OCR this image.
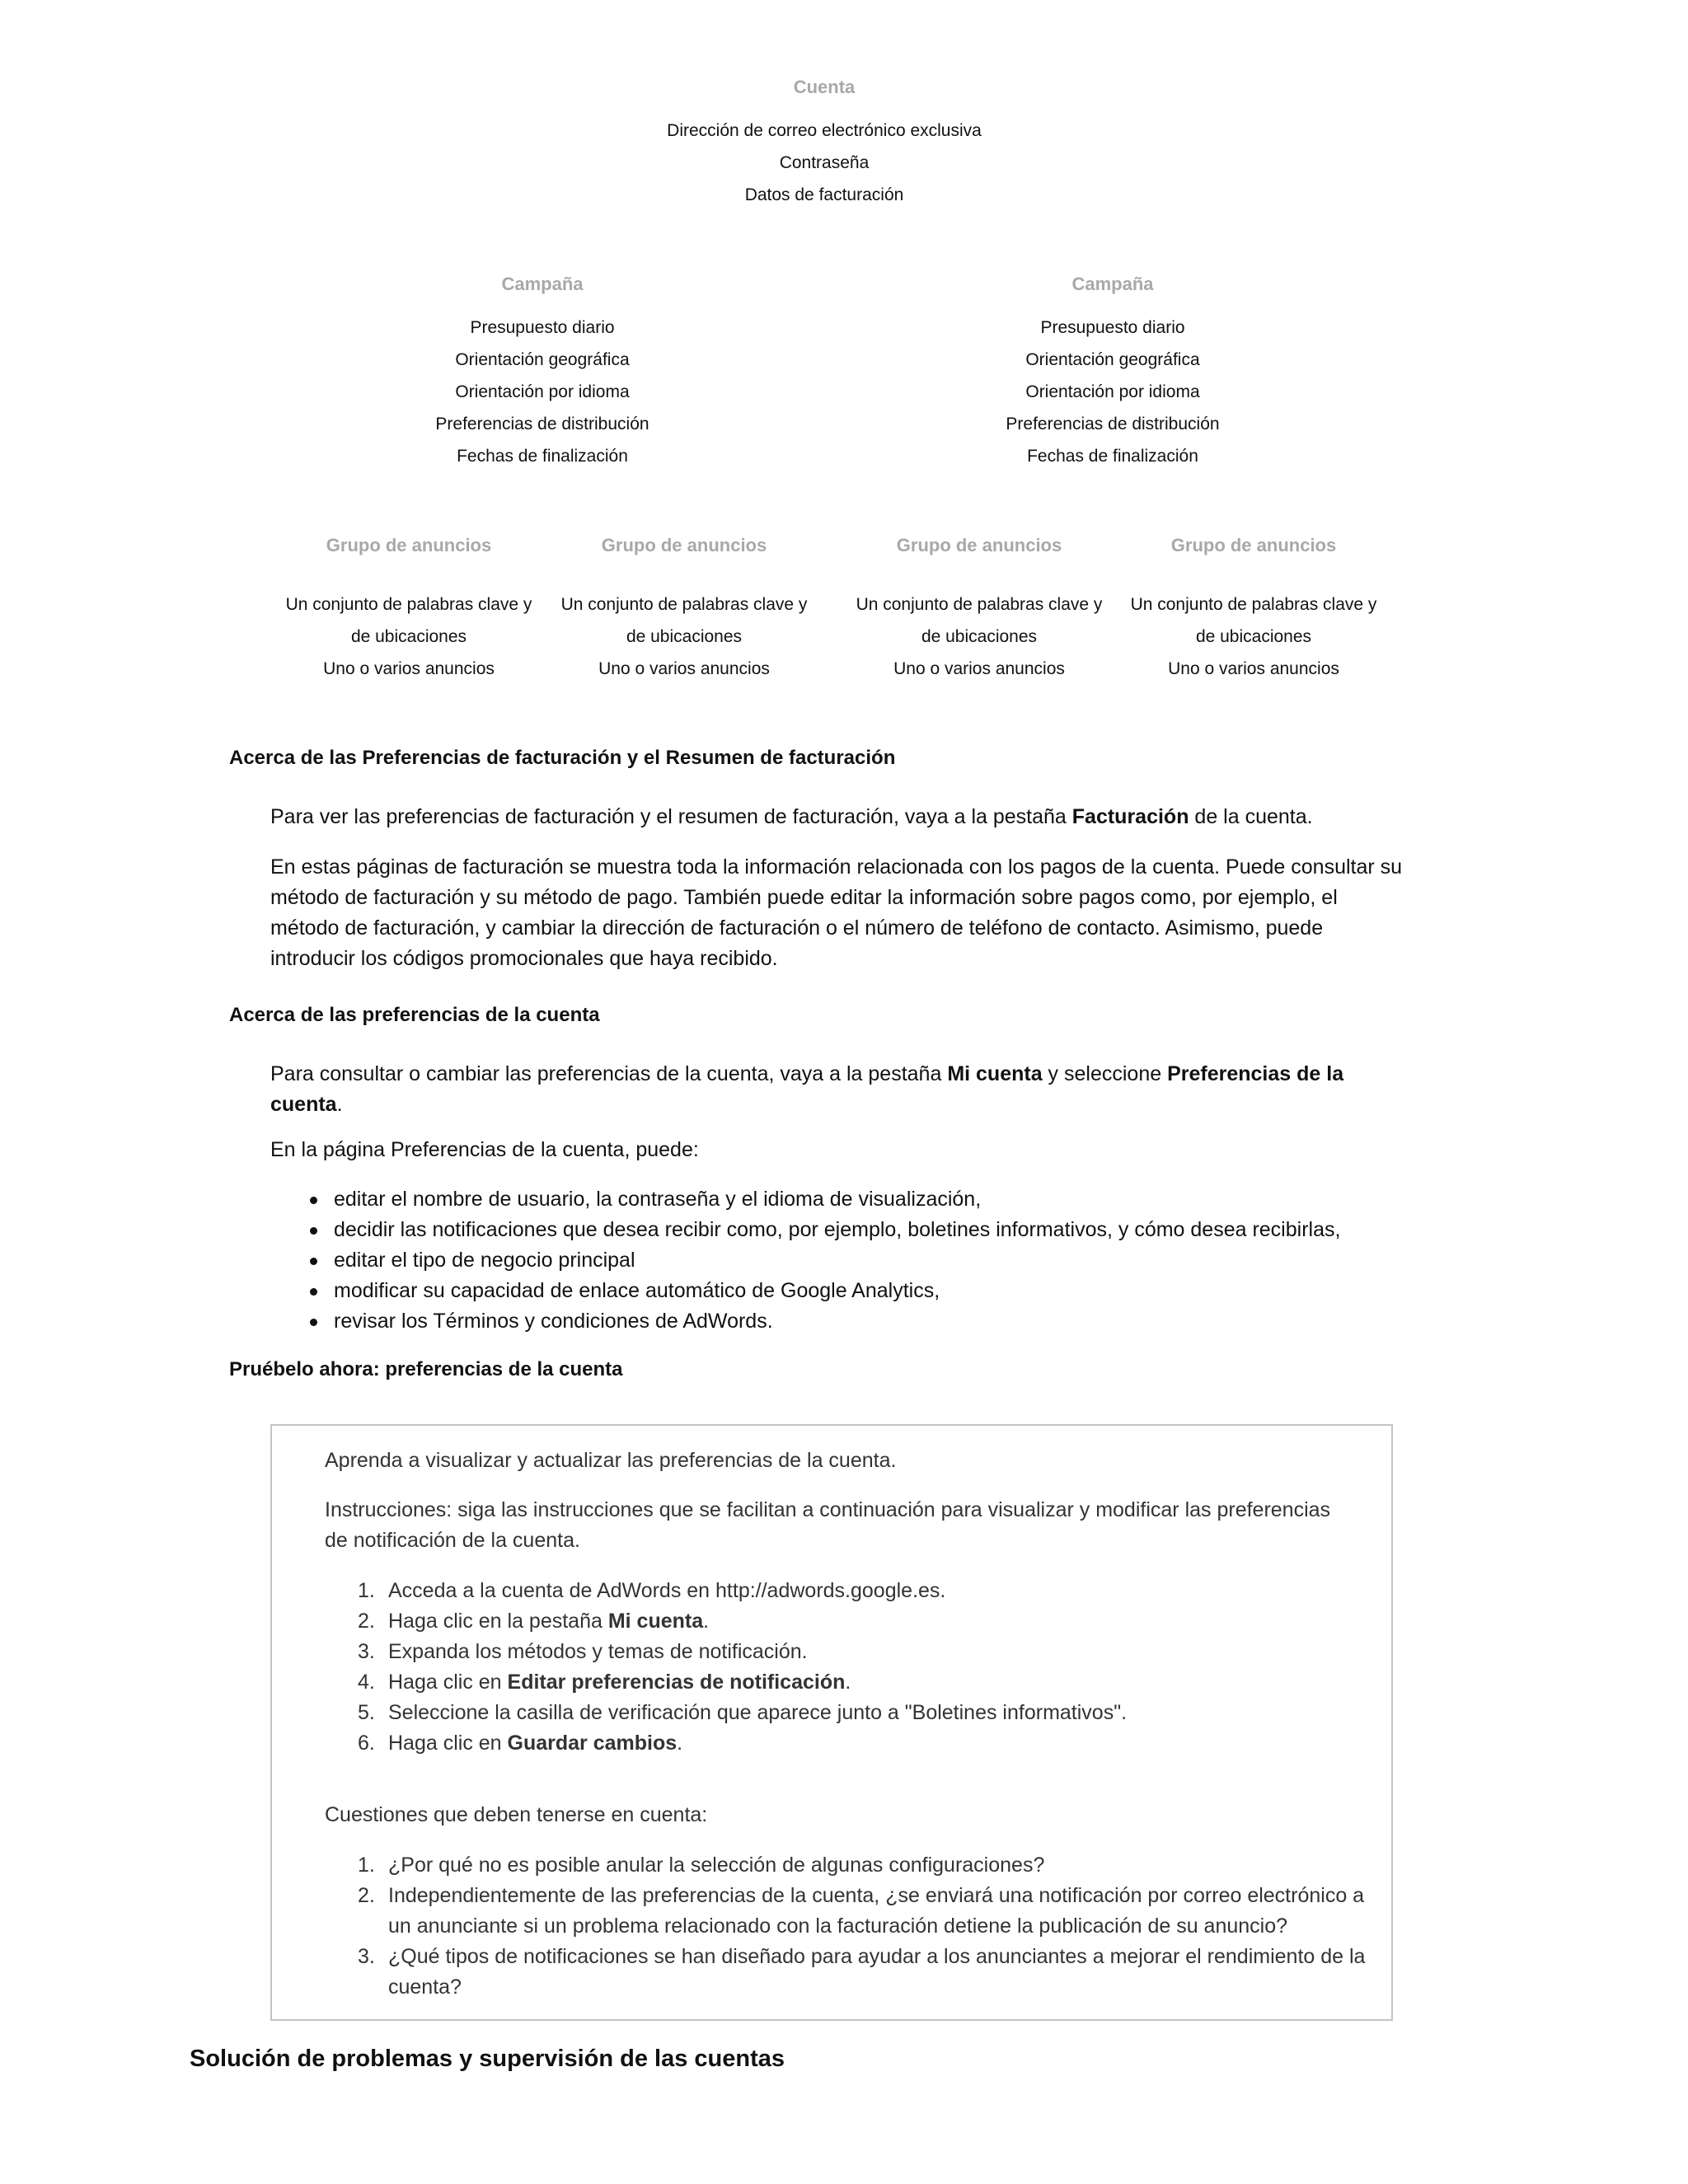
Cuenta
Dirección de correo electrónico exclusiva
Contraseña
Datos de facturación
Campaña
Presupuesto diario
Orientación geográfica
Orientación por idioma
Preferencias de distribución
Fechas de finalización
Campaña
Presupuesto diario
Orientación geográfica
Orientación por idioma
Preferencias de distribución
Fechas de finalización
Grupo de anuncios
Un conjunto de palabras clave y
de ubicaciones
Uno o varios anuncios
Grupo de anuncios
Un conjunto de palabras clave y
de ubicaciones
Uno o varios anuncios
Grupo de anuncios
Un conjunto de palabras clave y
de ubicaciones
Uno o varios anuncios
Grupo de anuncios
Un conjunto de palabras clave y
de ubicaciones
Uno o varios anuncios
Acerca de las Preferencias de facturación y el Resumen de facturación

Para ver las preferencias de facturación y el resumen de facturación, vaya a la pestaña Facturación de la cuenta.

En estas páginas de facturación se muestra toda la información relacionada con los pagos de la cuenta. Puede consultar su método de facturación y su método de pago. También puede editar la información sobre pagos como, por ejemplo, el método de facturación, y cambiar la dirección de facturación o el número de teléfono de contacto. Asimismo, puede introducir los códigos promocionales que haya recibido.

Acerca de las preferencias de la cuenta

Para consultar o cambiar las preferencias de la cuenta, vaya a la pestaña Mi cuenta y seleccione Preferencias de la cuenta.

En la página Preferencias de la cuenta, puede:

editar el nombre de usuario, la contraseña y el idioma de visualización,
decidir las notificaciones que desea recibir como, por ejemplo, boletines informativos, y cómo desea recibirlas,
editar el tipo de negocio principal
modificar su capacidad de enlace automático de Google Analytics,
revisar los Términos y condiciones de AdWords.
Pruébelo ahora: preferencias de la cuenta

Aprenda a visualizar y actualizar las preferencias de la cuenta.

Instrucciones: siga las instrucciones que se facilitan a continuación para visualizar y modificar las preferencias de notificación de la cuenta.

1. Acceda a la cuenta de AdWords en http://adwords.google.es.
2. Haga clic en la pestaña Mi cuenta.
3. Expanda los métodos y temas de notificación.
4. Haga clic en Editar preferencias de notificación.
5. Seleccione la casilla de verificación que aparece junto a "Boletines informativos".
6. Haga clic en Guardar cambios.

Cuestiones que deben tenerse en cuenta:

1. ¿Por qué no es posible anular la selección de algunas configuraciones?
2. Independientemente de las preferencias de la cuenta, ¿se enviará una notificación por correo electrónico a un anunciante si un problema relacionado con la facturación detiene la publicación de su anuncio?
3. ¿Qué tipos de notificaciones se han diseñado para ayudar a los anunciantes a mejorar el rendimiento de la cuenta?
Solución de problemas y supervisión de las cuentas
